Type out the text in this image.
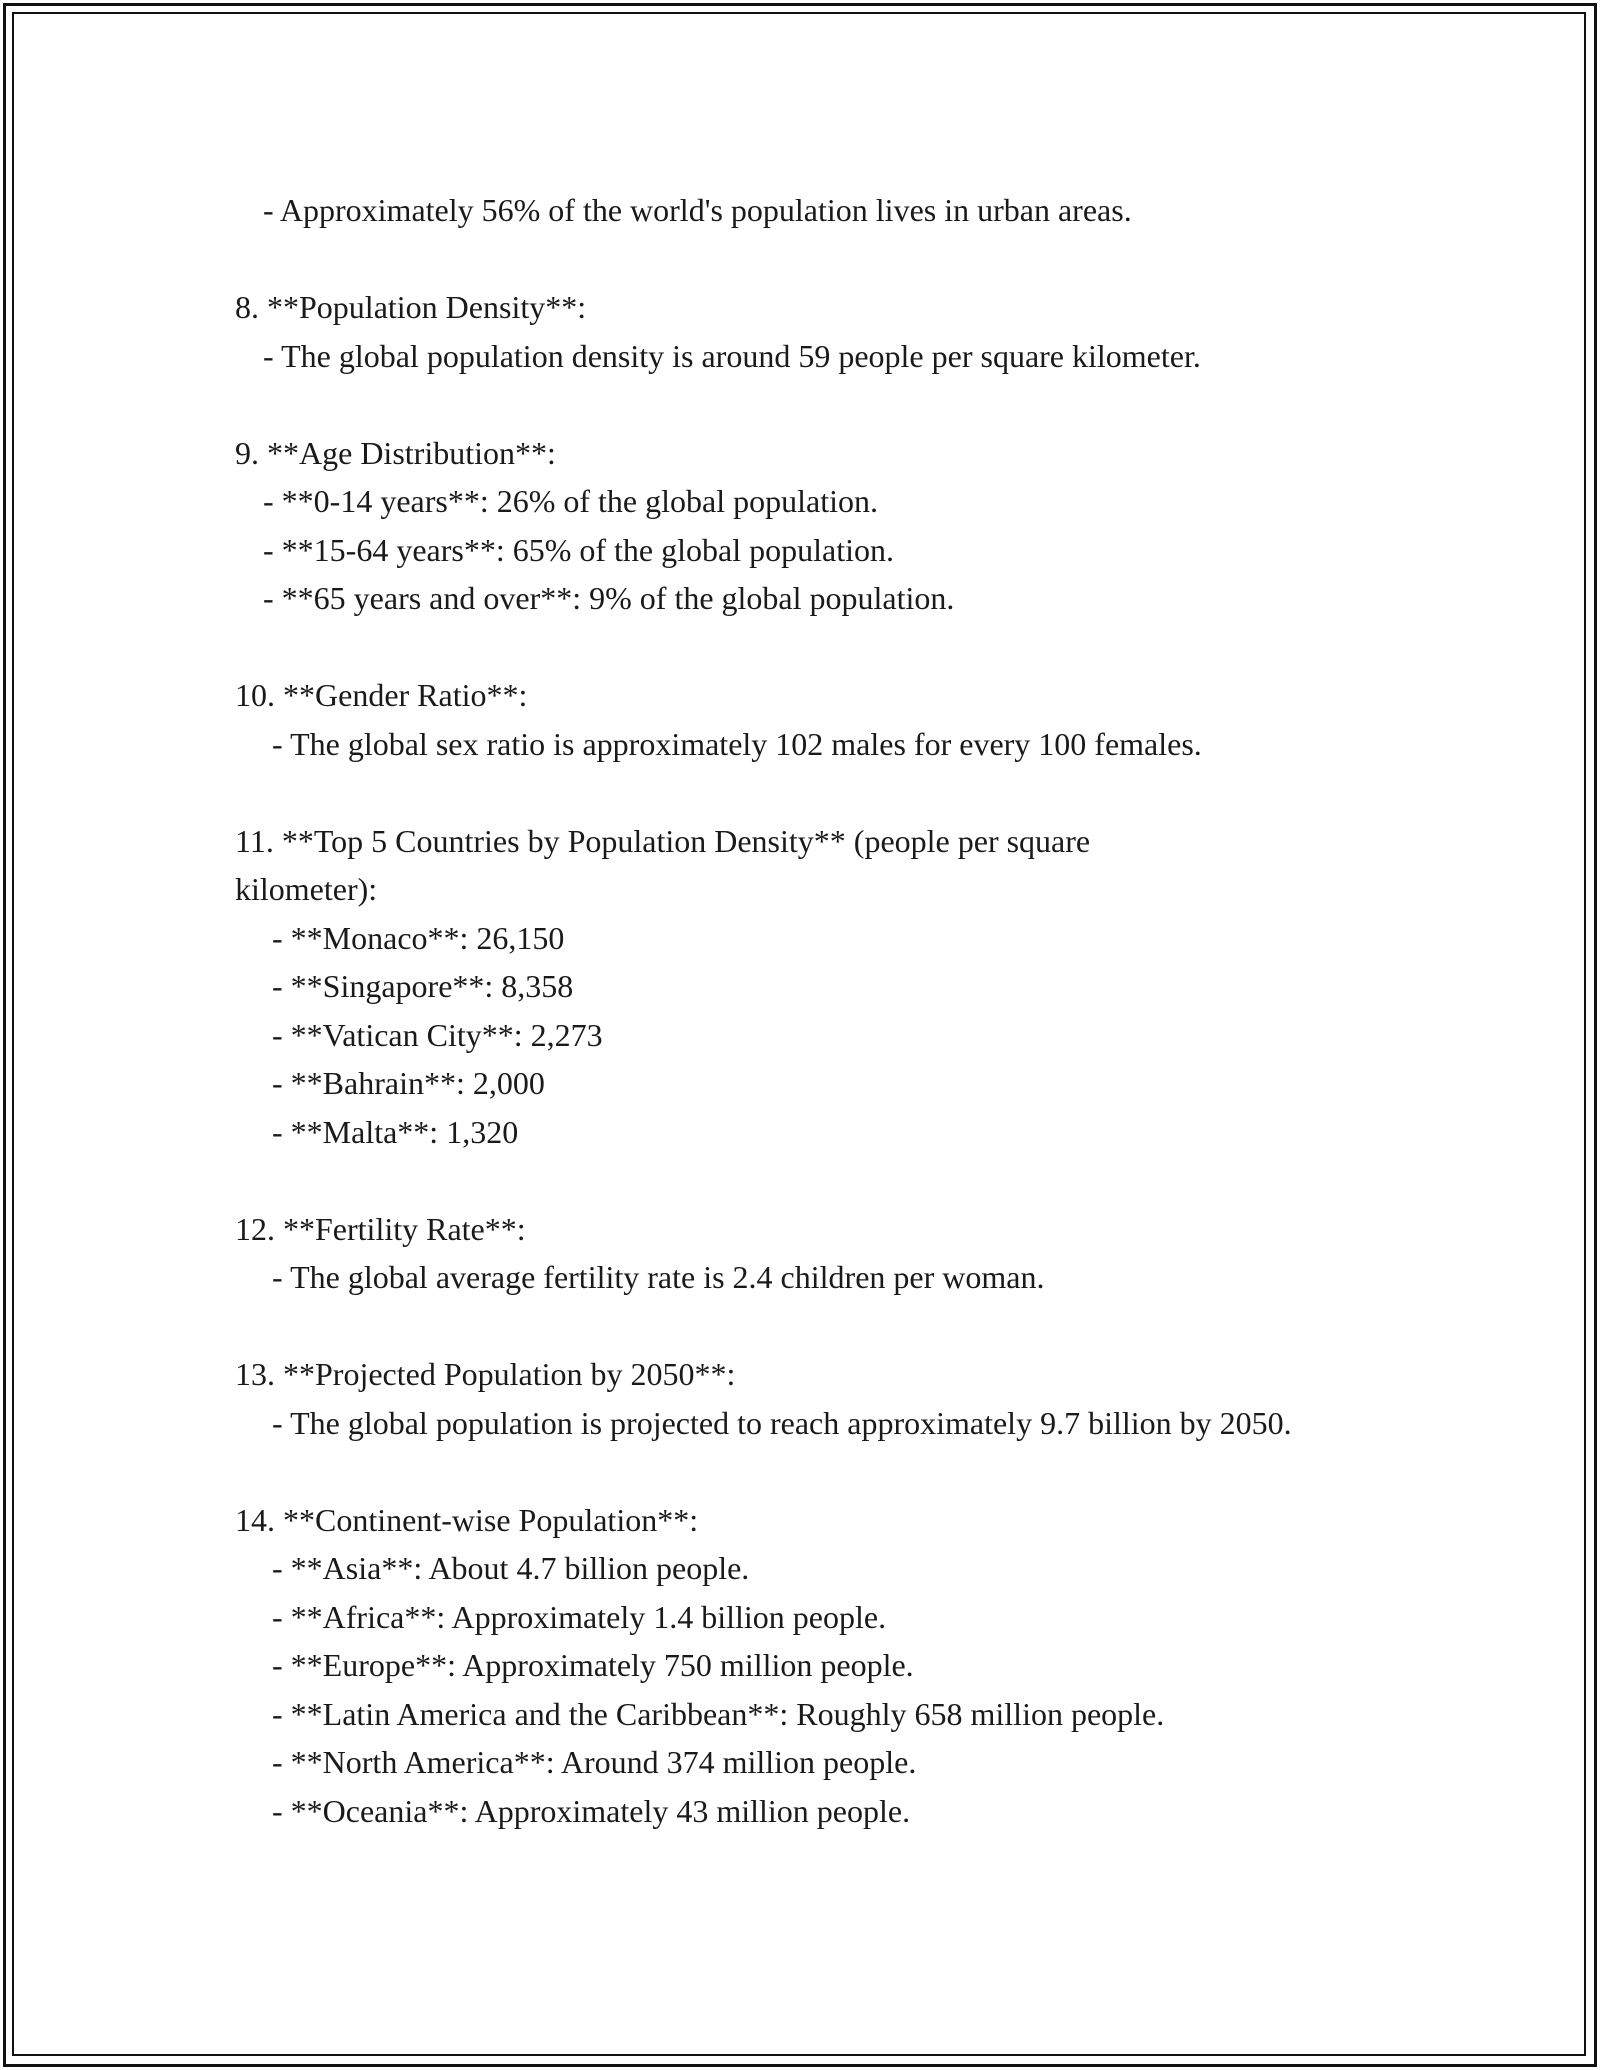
- Approximately 56% of the world's population lives in urban areas.

8. **Population Density**:

- The global population density is around 59 people per square kilometer.

9. **Age Distribution**:

- **0-14 years**: 26% of the global population.

- **15-64 years**: 65% of the global population.

- **65 years and over**: 9% of the global population.

10. **Gender Ratio**:

- The global sex ratio is approximately 102 males for every 100 females.

11. **Top 5 Countries by Population Density** (people per square kilometer):

- **Monaco**: 26,150

- **Singapore**: 8,358

- **Vatican City**: 2,273

- **Bahrain**: 2,000

- **Malta**: 1,320

12. **Fertility Rate**:

- The global average fertility rate is 2.4 children per woman.

13. **Projected Population by 2050**:

- The global population is projected to reach approximately 9.7 billion by 2050.

14. **Continent-wise Population**:

- **Asia**: About 4.7 billion people.

- **Africa**: Approximately 1.4 billion people.

- **Europe**: Approximately 750 million people.

- **Latin America and the Caribbean**: Roughly 658 million people.

- **North America**: Around 374 million people.

- **Oceania**: Approximately 43 million people.
